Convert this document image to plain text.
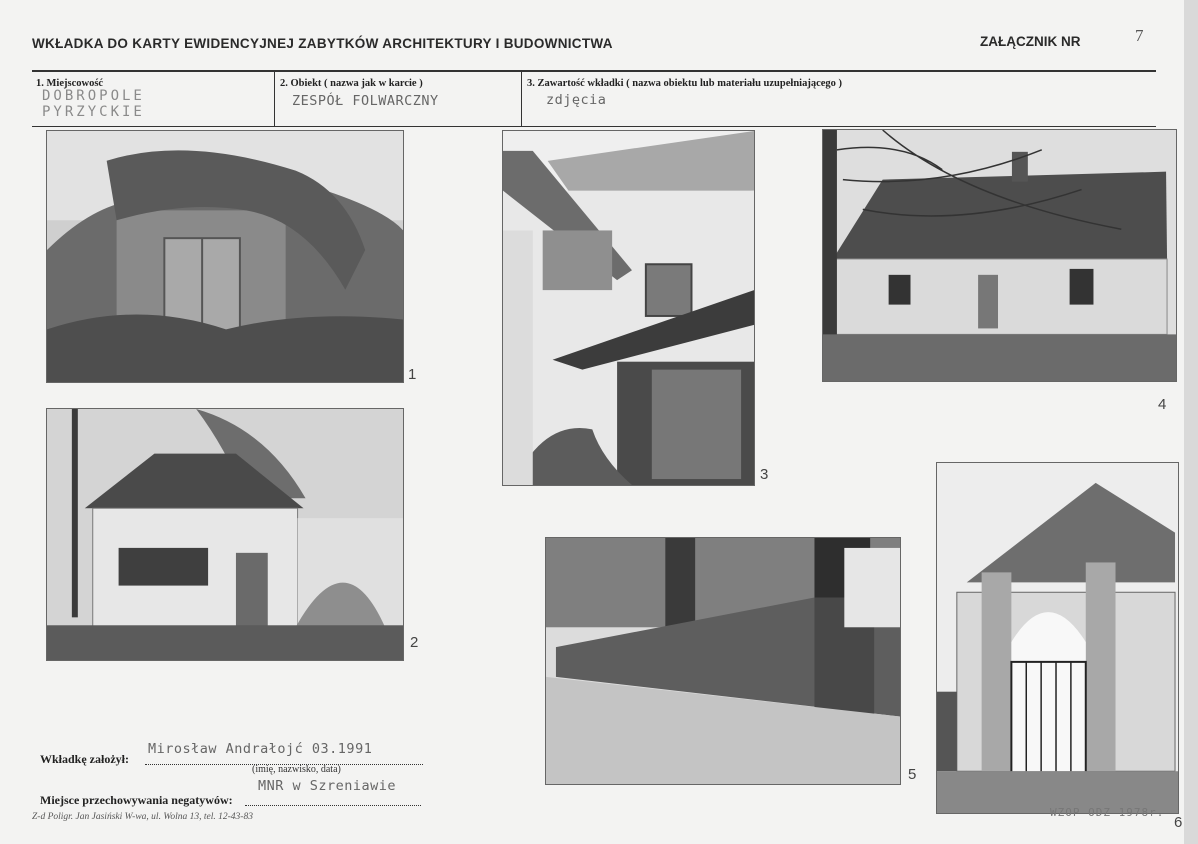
WKŁADKA DO KARTY EWIDENCYJNEJ ZABYTKÓW ARCHITEKTURY I BUDOWNICTWA	ZAŁĄCZNIK NR	7
1. Miejscowość
DOBROPOLE
PYRZYCKIE
2. Obiekt ( nazwa jak w karcie )
ZESPÓŁ FOLWARCZNY
3. Zawartość wkładki ( nazwa obiektu lub materiału uzupełniającego )
zdjęcia
1
2
3
4
5
6
Wkładkę założył:
Mirosław Andrałojć 03.1991
(imię, nazwisko, data)
Miejsce przechowywania negatywów:
MNR w Szreniawie
Z-d Poligr. Jan Jasiński W-wa, ul. Wolna 13, tel. 12-43-83	WZOP ODZ 1978r.
